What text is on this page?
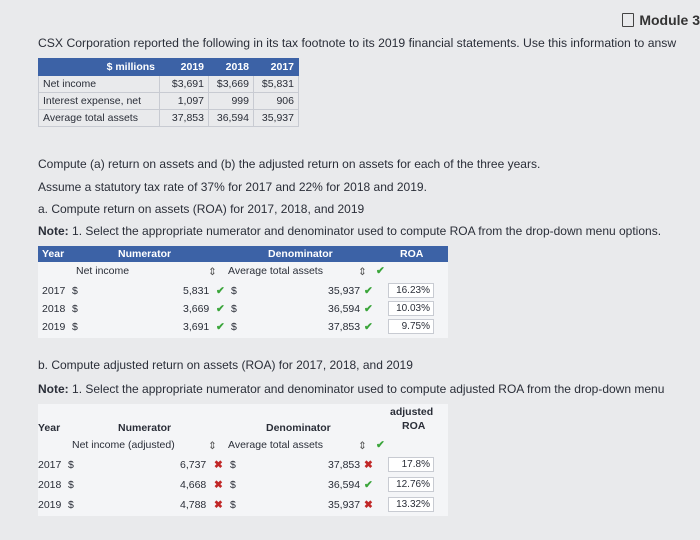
Module 3
CSX Corporation reported the following in its tax footnote to its 2019 financial statements. Use this information to answ
$ millions	2019	2018	2017
Net income	$3,691	$3,669	$5,831
Interest expense, net	1,097	999	906
Average total assets	37,853	36,594	35,937
Compute (a) return on assets and (b) the adjusted return on assets for each of the three years.
Assume a statutory tax rate of 37% for 2017 and 22% for 2018 and 2019.
a. Compute return on assets (ROA) for 2017, 2018, and 2019
Note: 1. Select the appropriate numerator and denominator used to compute ROA from the drop-down menu options.
Year	Numerator	Denominator	ROA
Net income	⇕ Average total assets	⇕ ✔
2017 $	5,831 ✔ $	35,937 ✔	16.23%
2018 $	3,669 ✔ $	36,594 ✔	10.03%
2019 $	3,691 ✔ $	37,853 ✔	9.75%
b. Compute adjusted return on assets (ROA) for 2017, 2018, and 2019
Note: 1. Select the appropriate numerator and denominator used to compute adjusted ROA from the drop-down menu
Year	Numerator	Denominator
adjusted
ROA
Net income (adjusted)	⇕ Average total assets	⇕ ✔
2017 $	6,737 ✖ $	37,853 ✖	17.8%
2018 $	4,668 ✖ $	36,594 ✔	12.76%
2019 $	4,788 ✖ $	35,937 ✖	13.32%
